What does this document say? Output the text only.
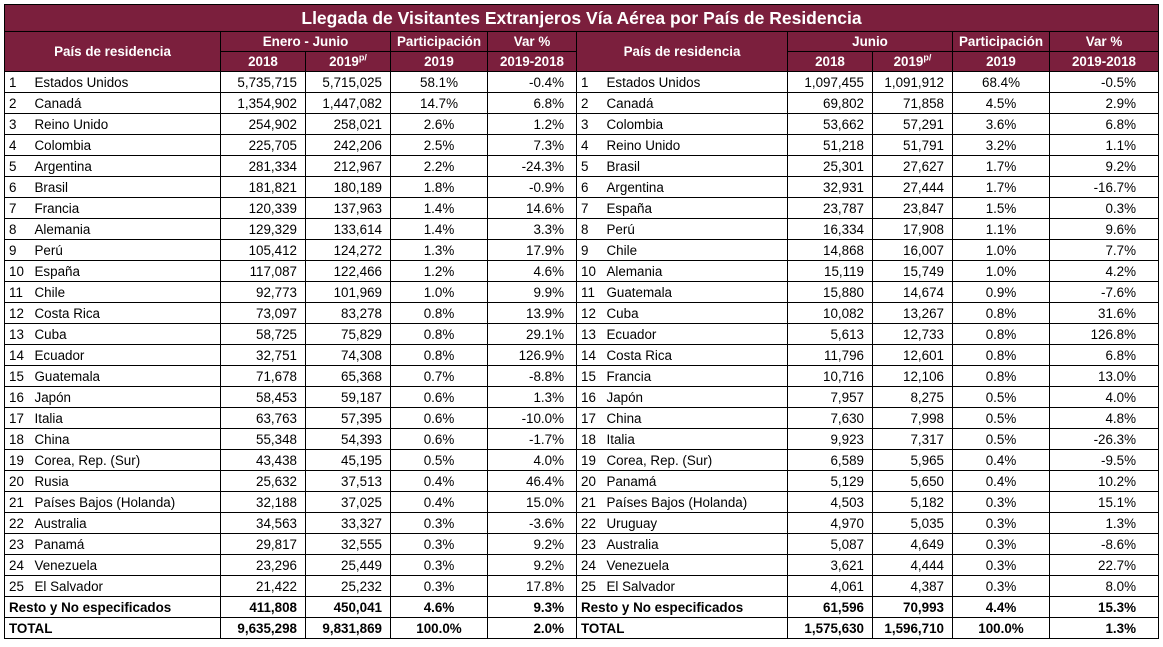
Llegada de Visitantes Extranjeros Vía Aérea por País de Residencia											
País de residencia		Enero - Junio		Participación	Var %	País de residencia		Junio		Participación	Var %
		2018	$2019^{p/}$	2019	2019-2018			2018	$2019^{p/}$	2019	2019-2018
1	Estados Unidos	5,735,715	5,715,025	58.1%	-0.4%	1	Estados Unidos	1,097,455	1,091,912	68.4%	-0.5%
2	Canadá	1,354,902	1,447,082	14.7%	6.8%	2	Canadá	69,802	71,858	4.5%	2.9%
3	Reino Unido	254,902	258,021	2.6%	1.2%	3	Colombia	53,662	57,291	3.6%	6.8%
4	Colombia	225,705	242,206	2.5%	7.3%	4	Reino Unido	51,218	51,791	3.2%	1.1%
5	Argentina	281,334	212,967	2.2%	-24.3%	5	Brasil	25,301	27,627	1.7%	9.2%
6	Brasil	181,821	180,189	1.8%	-0.9%	6	Argentina	32,931	27,444	1.7%	-16.7%
7	Francia	120,339	137,963	1.4%	14.6%	7	España	23,787	23,847	1.5%	0.3%
8	Alemania	129,329	133,614	1.4%	3.3%	8	Perú	16,334	17,908	1.1%	9.6%
9	Perú	105,412	124,272	1.3%	17.9%	9	Chile	14,868	16,007	1.0%	7.7%
10	España	117,087	122,466	1.2%	4.6%	10	Alemania	15,119	15,749	1.0%	4.2%
11	Chile	92,773	101,969	1.0%	9.9%	11	Guatemala	15,880	14,674	0.9%	-7.6%
12	Costa Rica	73,097	83,278	0.8%	13.9%	12	Cuba	10,082	13,267	0.8%	31.6%
13	Cuba	58,725	75,829	0.8%	29.1%	13	Ecuador	5,613	12,733	0.8%	126.8%
14	Ecuador	32,751	74,308	0.8%	126.9%	14	Costa Rica	11,796	12,601	0.8%	6.8%
15	Guatemala	71,678	65,368	0.7%	-8.8%	15	Francia	10,716	12,106	0.8%	13.0%
16	Japón	58,453	59,187	0.6%	1.3%	16	Japón	7,957	8,275	0.5%	4.0%
17	Italia	63,763	57,395	0.6%	-10.0%	17	China	7,630	7,998	0.5%	4.8%
18	China	55,348	54,393	0.6%	-1.7%	18	Italia	9,923	7,317	0.5%	-26.3%
19	Corea, Rep. (Sur)	43,438	45,195	0.5%	4.0%	19	Corea, Rep. (Sur)	6,589	5,965	0.4%	-9.5%
20	Rusia	25,632	37,513	0.4%	46.4%	20	Panamá	5,129	5,650	0.4%	10.2%
21	Países Bajos (Holanda)	32,188	37,025	0.4%	15.0%	21	Países Bajos (Holanda)	4,503	5,182	0.3%	15.1%
22	Australia	34,563	33,327	0.3%	-3.6%	22	Uruguay	4,970	5,035	0.3%	1.3%
23	Panamá	29,817	32,555	0.3%	9.2%	23	Australia	5,087	4,649	0.3%	-8.6%
24	Venezuela	23,296	25,449	0.3%	9.2%	24	Venezuela	3,621	4,444	0.3%	22.7%
25	El Salvador	21,422	25,232	0.3%	17.8%	25	El Salvador	4,061	4,387	0.3%	8.0%
Resto y No especificados		411,808	450,041	4.6%	9.3%	Resto y No especificados		61,596	70,993	4.4%	15.3%
TOTAL		9,635,298	9,831,869	100.0%	2.0%	TOTAL		1,575,630	1,596,710	100.0%	1.3%
